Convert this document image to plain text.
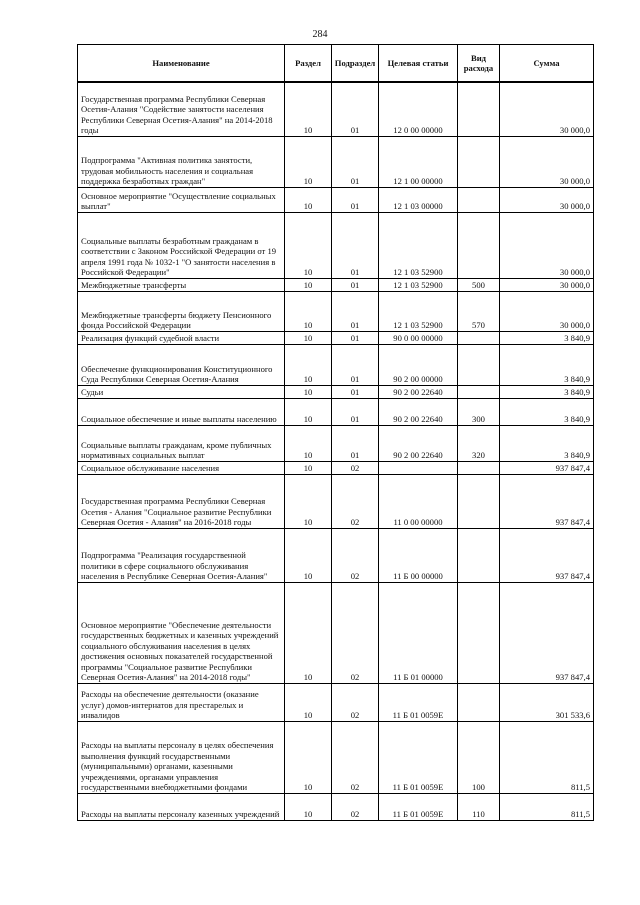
284
Наименование	Раздел	Подраздел	Целевая статьи	Вид расхода	Сумма
Государственная программа Республики Северная Осетия-Алания "Содействие занятости населения Республики Северная Осетия-Алания" на 2014-2018 годы	10	01	12 0 00 00000		30 000,0
Подпрограмма "Активная политика занятости, трудовая мобильность населения и социальная поддержка безработных граждан"	10	01	12 1 00 00000		30 000,0
Основное мероприятие "Осуществление социальных выплат"	10	01	12 1 03 00000		30 000,0
Социальные выплаты безработным гражданам в соответствии с Законом Российской Федерации от 19 апреля 1991 года № 1032-1 "О занятости населения в Российской Федерации"	10	01	12 1 03 52900		30 000,0
Межбюджетные трансферты	10	01	12 1 03 52900	500	30 000,0
Межбюджетные трансферты бюджету Пенсионного фонда Российской Федерации	10	01	12 1 03 52900	570	30 000,0
Реализация функций судебной власти	10	01	90 0 00 00000		3 840,9
Обеспечение функционирования Конституционного Суда Республики Северная Осетия-Алания	10	01	90 2 00 00000		3 840,9
Судьи	10	01	90 2 00 22640		3 840,9
Социальное обеспечение и иные выплаты населению	10	01	90 2 00 22640	300	3 840,9
Социальные выплаты гражданам, кроме публичных нормативных социальных выплат	10	01	90 2 00 22640	320	3 840,9
Социальное обслуживание населения	10	02			937 847,4
Государственная программа Республики Северная Осетия - Алания "Социальное развитие Республики Северная Осетия - Алания" на 2016-2018 годы	10	02	11 0 00 00000		937 847,4
Подпрограмма "Реализация государственной политики в сфере социального обслуживания населения в Республике Северная Осетия-Алания"	10	02	11 Б 00 00000		937 847,4
Основное мероприятие "Обеспечение деятельности государственных бюджетных и казенных учреждений социального обслуживания населения в целях достижения основных показателей государственной программы "Социальное развитие Республики Северная Осетия-Алания" на 2014-2018 годы"	10	02	11 Б 01 00000		937 847,4
Расходы на обеспечение деятельности (оказание услуг) домов-интернатов для престарелых и инвалидов	10	02	11 Б 01 0059Е		301 533,6
Расходы на выплаты персоналу в целях обеспечения выполнения функций государственными (муниципальными) органами, казенными учреждениями, органами управления государственными внебюджетными фондами	10	02	11 Б 01 0059Е	100	811,5
Расходы на выплаты персоналу казенных учреждений	10	02	11 Б 01 0059Е	110	811,5
